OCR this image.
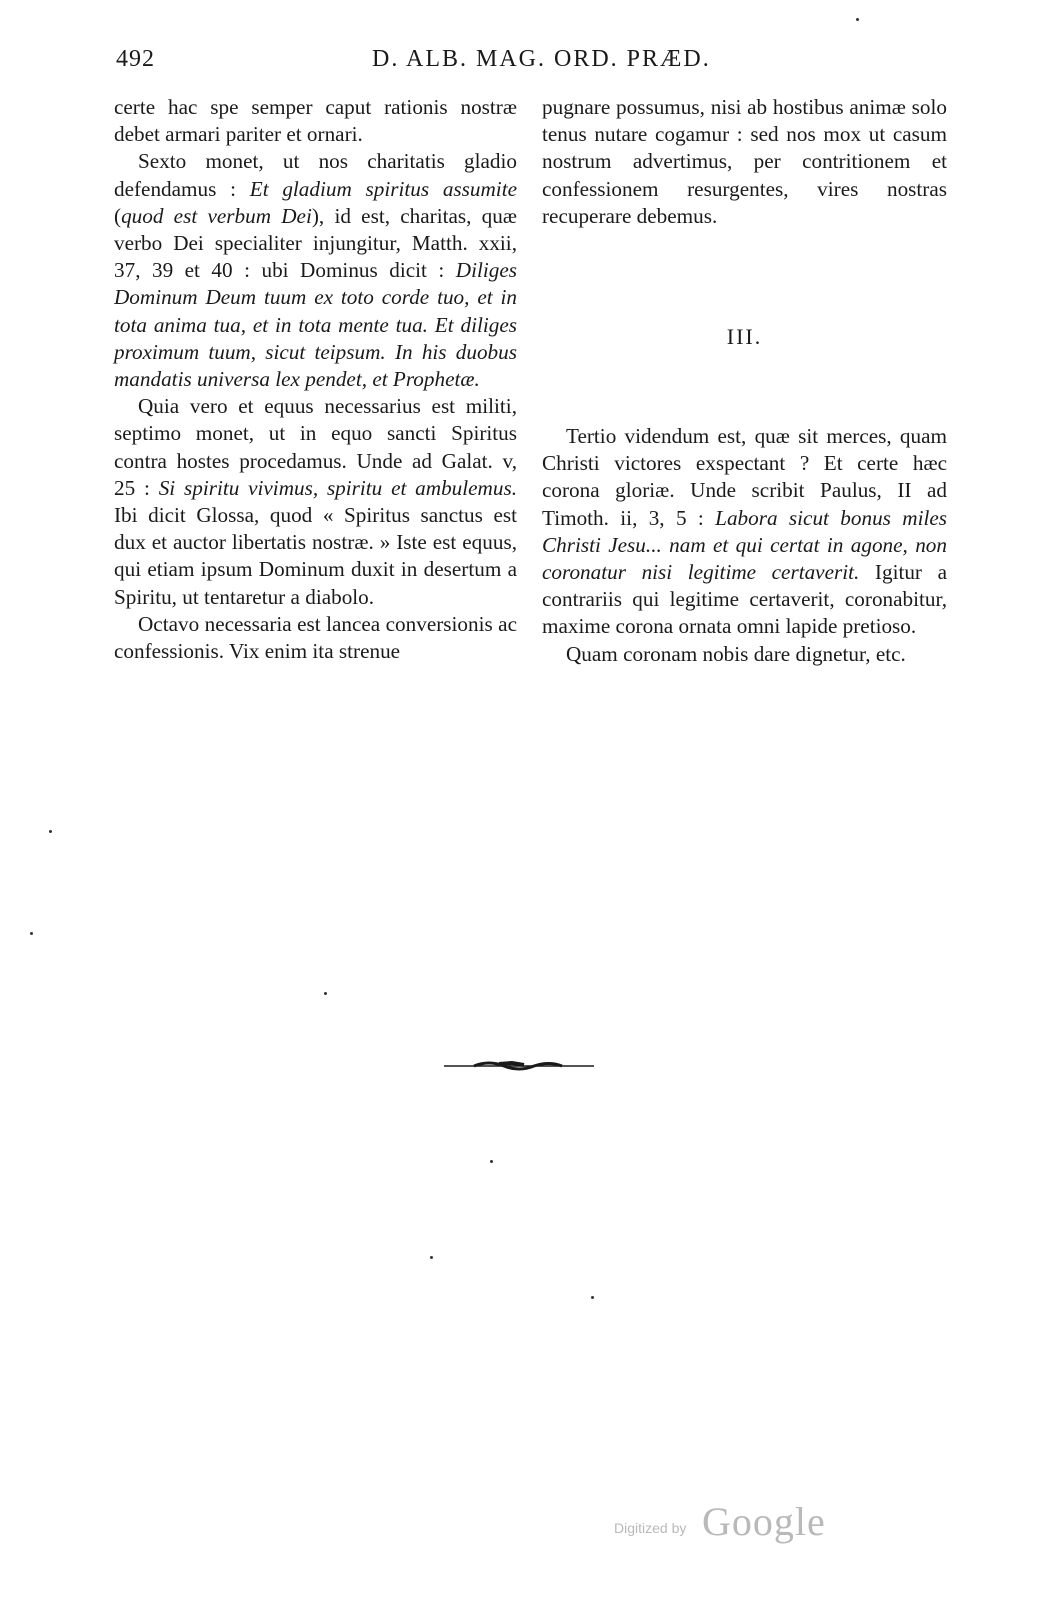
492	D. ALB. MAG. ORD. PRÆD.

certe hac spe semper caput rationis nostræ debet armari pariter et ornari.

Sexto monet, ut nos charitatis gladio defendamus : Et gladium spiritus assumite (quod est verbum Dei), id est, charitas, quæ verbo Dei specialiter injungitur, Matth. xxii, 37, 39 et 40 : ubi Dominus dicit : Diliges Dominum Deum tuum ex toto corde tuo, et in tota anima tua, et in tota mente tua. Et diliges proximum tuum, sicut teipsum. In his duobus mandatis universa lex pendet, et Prophetæ.

Quia vero et equus necessarius est militi, septimo monet, ut in equo sancti Spiritus contra hostes procedamus. Unde ad Galat. v, 25 : Si spiritu vivimus, spiritu et ambulemus. Ibi dicit Glossa, quod « Spiritus sanctus est dux et auctor libertatis nostræ. » Iste est equus, qui etiam ipsum Dominum duxit in desertum a Spiritu, ut tentaretur a diabolo.

Octavo necessaria est lancea conversionis ac confessionis. Vix enim ita strenue

pugnare possumus, nisi ab hostibus animæ solo tenus nutare cogamur : sed nos mox ut casum nostrum advertimus, per contritionem et confessionem resurgentes, vires nostras recuperare debemus.

III.

Tertio videndum est, quæ sit merces, quam Christi victores exspectant ? Et certe hæc corona gloriæ. Unde scribit Paulus, II ad Timoth. ii, 3, 5 : Labora sicut bonus miles Christi Jesu... nam et qui certat in agone, non coronatur nisi legitime certaverit. Igitur a contrariis qui legitime certaverit, coronabitur, maxime corona ornata omni lapide pretioso.

Quam coronam nobis dare dignetur, etc.

Digitized by Google
